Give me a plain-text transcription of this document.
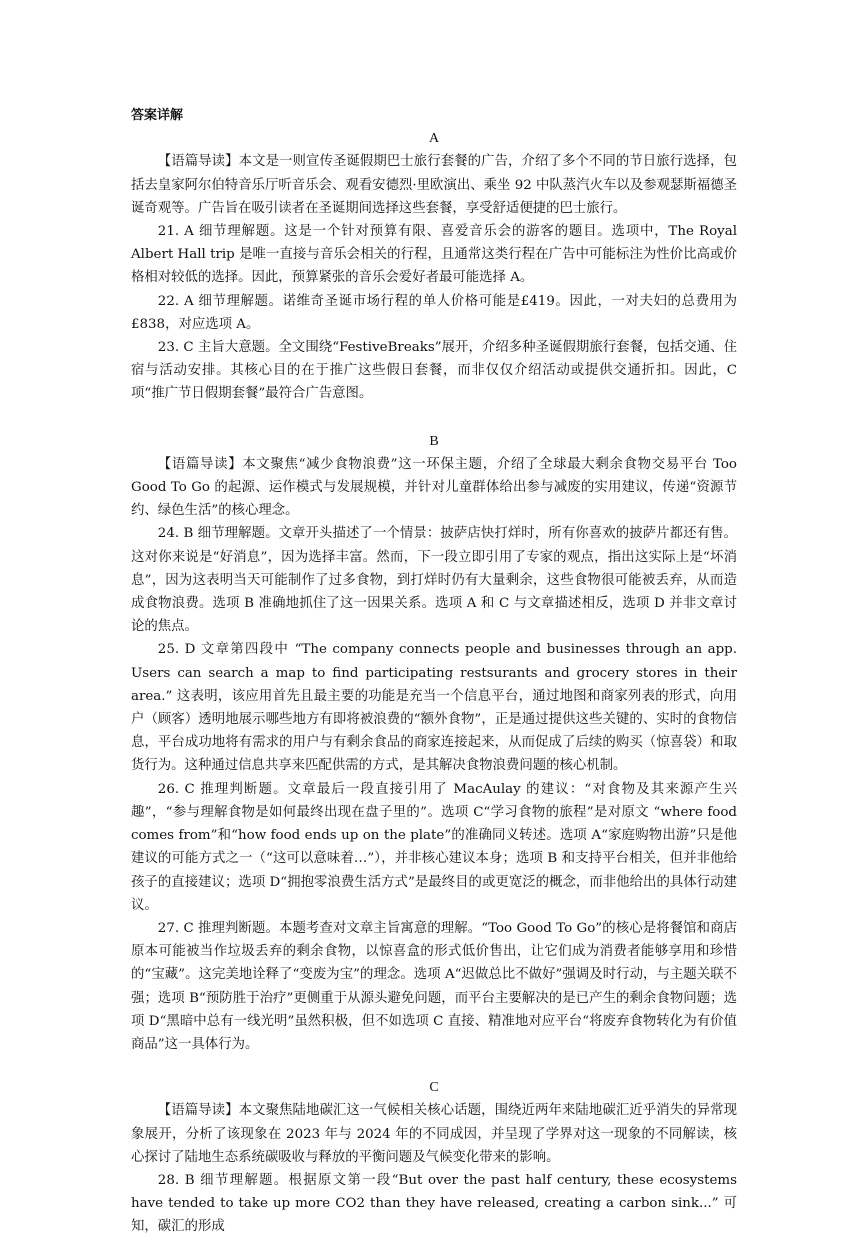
答案详解
A

【语篇导读】本文是一则宣传圣诞假期巴士旅行套餐的广告，介绍了多个不同的节日旅行选择，包括去皇家阿尔伯特音乐厅听音乐会、观看安德烈·里欧演出、乘坐 92 中队蒸汽火车以及参观瑟斯福德圣诞奇观等。广告旨在吸引读者在圣诞期间选择这些套餐，享受舒适便捷的巴士旅行。

21. A 细节理解题。这是一个针对预算有限、喜爱音乐会的游客的题目。选项中，The Royal Albert Hall trip 是唯一直接与音乐会相关的行程，且通常这类行程在广告中可能标注为性价比高或价格相对较低的选择。因此，预算紧张的音乐会爱好者最可能选择 A。

22. A 细节理解题。诺维奇圣诞市场行程的单人价格可能是£419。因此，一对夫妇的总费用为£838，对应选项 A。

23. C 主旨大意题。全文围绕“FestiveBreaks”展开，介绍多种圣诞假期旅行套餐，包括交通、住宿与活动安排。其核心目的在于推广这些假日套餐，而非仅仅介绍活动或提供交通折扣。因此，C 项“推广节日假期套餐”最符合广告意图。

B

【语篇导读】本文聚焦“减少食物浪费”这一环保主题，介绍了全球最大剩余食物交易平台 Too Good To Go 的起源、运作模式与发展规模，并针对儿童群体给出参与减废的实用建议，传递“资源节约、绿色生活”的核心理念。

24. B 细节理解题。文章开头描述了一个情景：披萨店快打烊时，所有你喜欢的披萨片都还有售。这对你来说是“好消息”，因为选择丰富。然而，下一段立即引用了专家的观点，指出这实际上是“坏消息”，因为这表明当天可能制作了过多食物，到打烊时仍有大量剩余，这些食物很可能被丢弃，从而造成食物浪费。选项 B 准确地抓住了这一因果关系。选项 A 和 C 与文章描述相反，选项 D 并非文章讨论的焦点。

25. D 文章第四段中 “The company connects people and businesses through an app. Users can search a map to find participating restsurants and grocery stores in their area.” 这表明，该应用首先且最主要的功能是充当一个信息平台，通过地图和商家列表的形式，向用户（顾客）透明地展示哪些地方有即将被浪费的“额外食物”，正是通过提供这些关键的、实时的食物信息，平台成功地将有需求的用户与有剩余食品的商家连接起来，从而促成了后续的购买（惊喜袋）和取货行为。这种通过信息共享来匹配供需的方式，是其解决食物浪费问题的核心机制。

26. C 推理判断题。文章最后一段直接引用了 MacAulay 的建议：“对食物及其来源产生兴趣”，“参与理解食物是如何最终出现在盘子里的”。选项 C“学习食物的旅程”是对原文 “where food comes from”和“how food ends up on the plate”的准确同义转述。选项 A“家庭购物出游”只是他建议的可能方式之一（“这可以意味着…”），并非核心建议本身；选项 B 和支持平台相关，但并非他给孩子的直接建议；选项 D“拥抱零浪费生活方式”是最终目的或更宽泛的概念，而非他给出的具体行动建议。

27. C 推理判断题。本题考查对文章主旨寓意的理解。“Too Good To Go”的核心是将餐馆和商店原本可能被当作垃圾丢弃的剩余食物，以惊喜盒的形式低价售出，让它们成为消费者能够享用和珍惜的“宝藏”。这完美地诠释了“变废为宝”的理念。选项 A“迟做总比不做好”强调及时行动，与主题关联不强；选项 B“预防胜于治疗”更侧重于从源头避免问题，而平台主要解决的是已产生的剩余食物问题；选项 D“黑暗中总有一线光明”虽然积极，但不如选项 C 直接、精准地对应平台“将废弃食物转化为有价值商品”这一具体行为。

C

【语篇导读】本文聚焦陆地碳汇这一气候相关核心话题，围绕近两年来陆地碳汇近乎消失的异常现象展开，分析了该现象在 2023 年与 2024 年的不同成因，并呈现了学界对这一现象的不同解读，核心探讨了陆地生态系统碳吸收与释放的平衡问题及气候变化带来的影响。

28. B 细节理解题。根据原文第一段“But over the past half century, these ecosystems have tended to take up more CO2 than they have released, creating a carbon sink...” 可知，碳汇的形成
